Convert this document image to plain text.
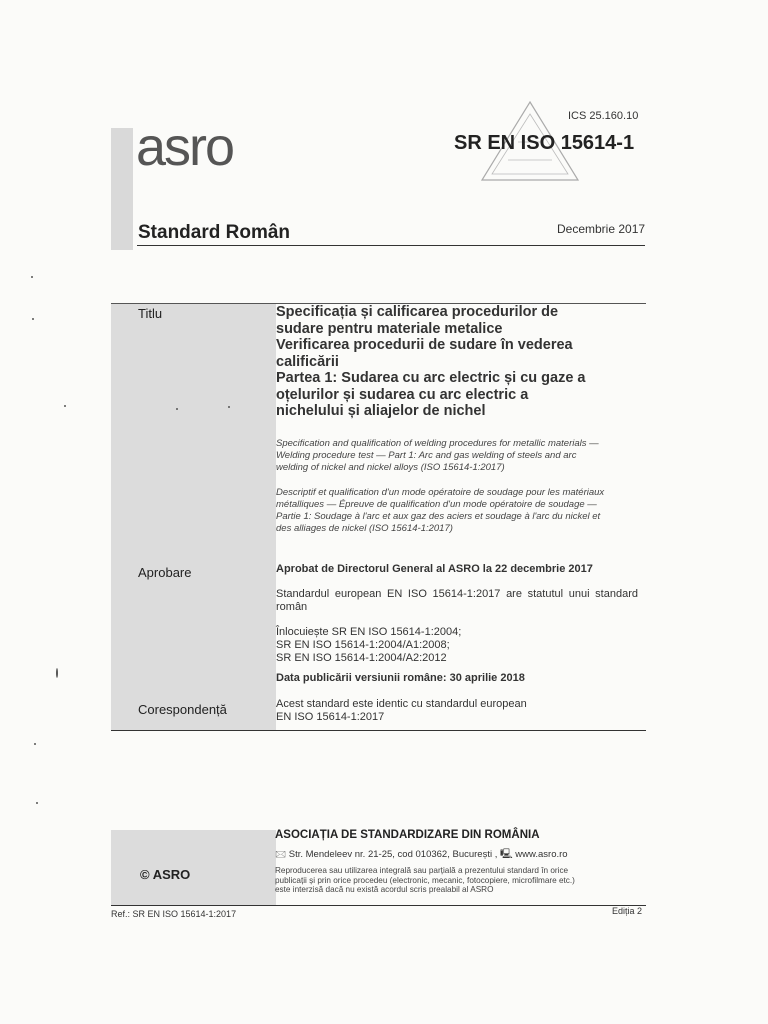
ICS 25.160.10
asro	SR EN ISO 15614-1
Standard Român	Decembrie 2017
Titlu	Specificația și calificarea procedurilor de
sudare pentru materiale metalice
Verificarea procedurii de sudare în vederea
calificării
Partea 1: Sudarea cu arc electric și cu gaze a
oțelurilor și sudarea cu arc electric a
nichelului și aliajelor de nichel
Specification and qualification of welding procedures for metallic materials —
Welding procedure test — Part 1: Arc and gas welding of steels and arc
welding of nickel and nickel alloys (ISO 15614-1:2017)
Descriptif et qualification d'un mode opératoire de soudage pour les matériaux
métalliques — Épreuve de qualification d'un mode opératoire de soudage —
Partie 1: Soudage à l'arc et aux gaz des aciers et soudage à l'arc du nickel et
des alliages de nickel (ISO 15614-1:2017)
Aprobare	Aprobat de Directorul General al ASRO la 22 decembrie 2017
Standardul european EN ISO 15614-1:2017 are statutul unui standard român
Înlocuiește SR EN ISO 15614-1:2004;
SR EN ISO 15614-1:2004/A1:2008;
SR EN ISO 15614-1:2004/A2:2012
Data publicării versiunii române: 30 aprilie 2018
Corespondență	Acest standard este identic cu standardul european
EN ISO 15614-1:2017
ASOCIAȚIA DE STANDARDIZARE DIN ROMÂNIA
🖂 Str. Mendeleev nr. 21-25, cod 010362, București , 🖳 www.asro.ro
Reproducerea sau utilizarea integrală sau parțială a prezentului standard în orice
publicații și prin orice procedeu (electronic, mecanic, fotocopiere, microfilmare etc.)
este interzisă dacă nu există acordul scris prealabil al ASRO
© ASRO
Ref.: SR EN ISO 15614-1:2017	Ediția 2
